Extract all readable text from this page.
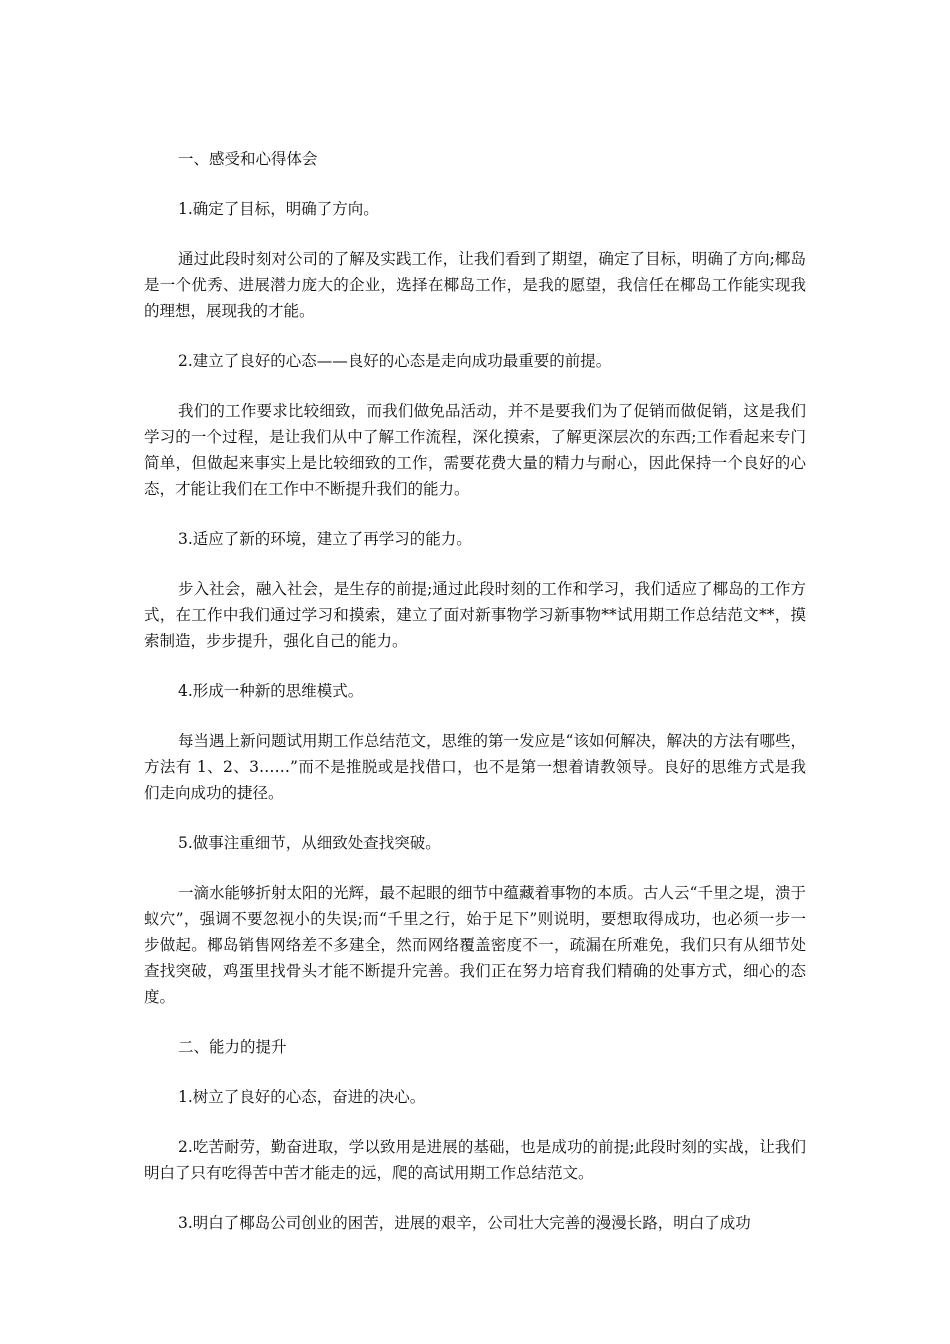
一、感受和心得体会

1.确定了目标，明确了方向。

通过此段时刻对公司的了解及实践工作，让我们看到了期望，确定了目标，明确了方向;椰岛是一个优秀、进展潜力庞大的企业，选择在椰岛工作，是我的愿望，我信任在椰岛工作能实现我的理想，展现我的才能。

2.建立了良好的心态——良好的心态是走向成功最重要的前提。

我们的工作要求比较细致，而我们做免品活动，并不是要我们为了促销而做促销，这是我们学习的一个过程，是让我们从中了解工作流程，深化摸索，了解更深层次的东西;工作看起来专门简单，但做起来事实上是比较细致的工作，需要花费大量的精力与耐心，因此保持一个良好的心态，才能让我们在工作中不断提升我们的能力。

3.适应了新的环境，建立了再学习的能力。

步入社会，融入社会，是生存的前提;通过此段时刻的工作和学习，我们适应了椰岛的工作方式，在工作中我们通过学习和摸索，建立了面对新事物学习新事物**试用期工作总结范文**，摸索制造，步步提升，强化自己的能力。

4.形成一种新的思维模式。

每当遇上新问题试用期工作总结范文，思维的第一发应是“该如何解决，解决的方法有哪些，方法有 1、2、3……”而不是推脱或是找借口，也不是第一想着请教领导。良好的思维方式是我们走向成功的捷径。

5.做事注重细节，从细致处查找突破。

一滴水能够折射太阳的光辉，最不起眼的细节中蕴藏着事物的本质。古人云“千里之堤，溃于蚁穴”，强调不要忽视小的失误;而“千里之行，始于足下”则说明，要想取得成功，也必须一步一步做起。椰岛销售网络差不多建全，然而网络覆盖密度不一，疏漏在所难免，我们只有从细节处查找突破，鸡蛋里找骨头才能不断提升完善。我们正在努力培育我们精确的处事方式，细心的态度。

二、能力的提升

1.树立了良好的心态，奋进的决心。

2.吃苦耐劳，勤奋进取，学以致用是进展的基础，也是成功的前提;此段时刻的实战，让我们明白了只有吃得苦中苦才能走的远，爬的高试用期工作总结范文。

3.明白了椰岛公司创业的困苦，进展的艰辛，公司壮大完善的漫漫长路，明白了成功
